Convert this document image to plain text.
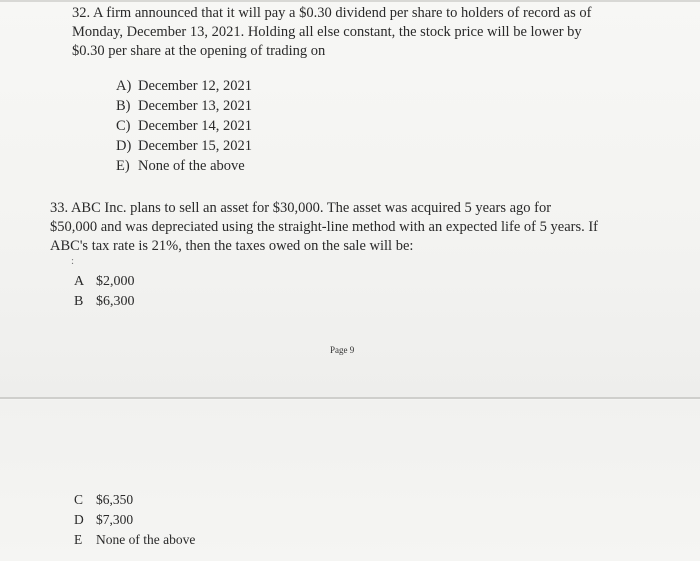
32. A firm announced that it will pay a $0.30 dividend per share to holders of record as of
Monday, December 13, 2021. Holding all else constant, the stock price will be lower by
$0.30 per share at the opening of trading on

A) December 12, 2021
B) December 13, 2021
C) December 14, 2021
D) December 15, 2021
E) None of the above

33. ABC Inc. plans to sell an asset for $30,000. The asset was acquired 5 years ago for
$50,000 and was depreciated using the straight-line method with an expected life of 5 years. If
ABC's tax rate is 21%, then the taxes owed on the sale will be:

:
A $2,000
B $6,300
Page 9
C $6,350
D $7,300
E None of the above
